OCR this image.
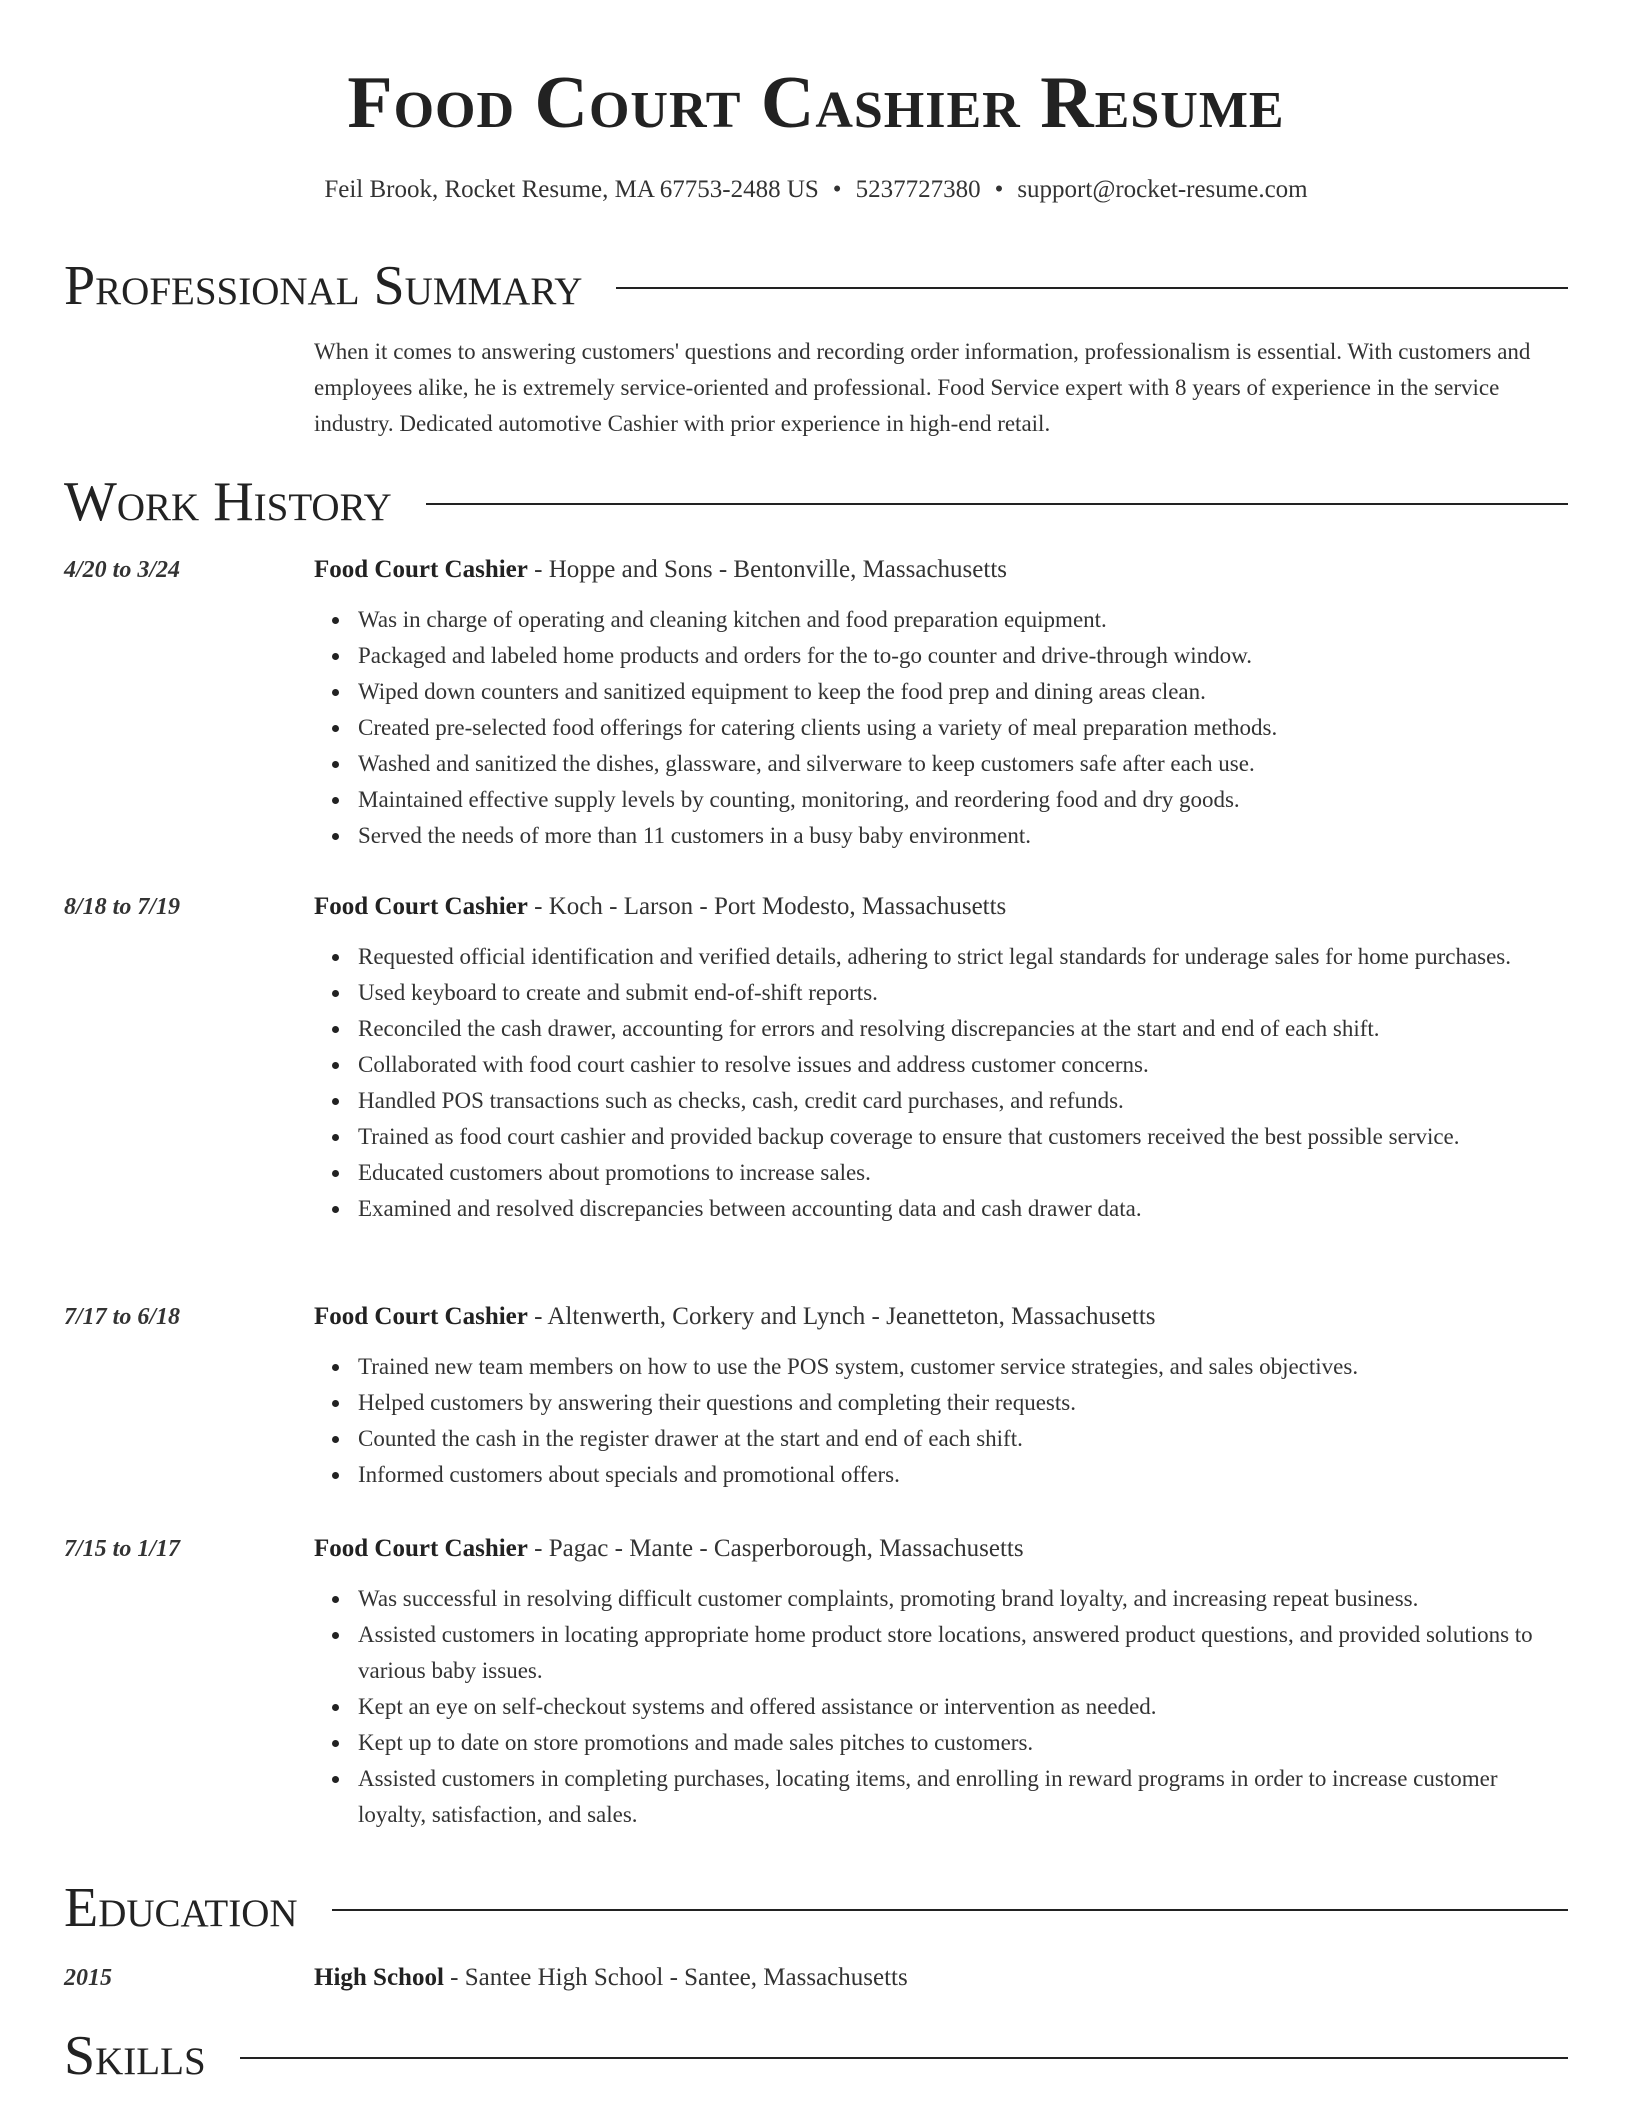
Food Court Cashier Resume
Feil Brook, Rocket Resume, MA 67753-2488 US • 5237727380 • support@rocket-resume.com
Professional Summary
When it comes to answering customers' questions and recording order information, professionalism is essential. With customers and employees alike, he is extremely service-oriented and professional. Food Service expert with 8 years of experience in the service industry. Dedicated automotive Cashier with prior experience in high-end retail.
Work History
4/20 to 3/24	Food Court Cashier - Hoppe and Sons - Bentonville, Massachusetts
Was in charge of operating and cleaning kitchen and food preparation equipment.
Packaged and labeled home products and orders for the to-go counter and drive-through window.
Wiped down counters and sanitized equipment to keep the food prep and dining areas clean.
Created pre-selected food offerings for catering clients using a variety of meal preparation methods.
Washed and sanitized the dishes, glassware, and silverware to keep customers safe after each use.
Maintained effective supply levels by counting, monitoring, and reordering food and dry goods.
Served the needs of more than 11 customers in a busy baby environment.
8/18 to 7/19	Food Court Cashier - Koch - Larson - Port Modesto, Massachusetts
Requested official identification and verified details, adhering to strict legal standards for underage sales for home purchases.
Used keyboard to create and submit end-of-shift reports.
Reconciled the cash drawer, accounting for errors and resolving discrepancies at the start and end of each shift.
Collaborated with food court cashier to resolve issues and address customer concerns.
Handled POS transactions such as checks, cash, credit card purchases, and refunds.
Trained as food court cashier and provided backup coverage to ensure that customers received the best possible service.
Educated customers about promotions to increase sales.
Examined and resolved discrepancies between accounting data and cash drawer data.
7/17 to 6/18	Food Court Cashier - Altenwerth, Corkery and Lynch - Jeanetteton, Massachusetts
Trained new team members on how to use the POS system, customer service strategies, and sales objectives.
Helped customers by answering their questions and completing their requests.
Counted the cash in the register drawer at the start and end of each shift.
Informed customers about specials and promotional offers.
7/15 to 1/17	Food Court Cashier - Pagac - Mante - Casperborough, Massachusetts
Was successful in resolving difficult customer complaints, promoting brand loyalty, and increasing repeat business.
Assisted customers in locating appropriate home product store locations, answered product questions, and provided solutions to various baby issues.
Kept an eye on self-checkout systems and offered assistance or intervention as needed.
Kept up to date on store promotions and made sales pitches to customers.
Assisted customers in completing purchases, locating items, and enrolling in reward programs in order to increase customer loyalty, satisfaction, and sales.
Education
2015	High School - Santee High School - Santee, Massachusetts
Skills
